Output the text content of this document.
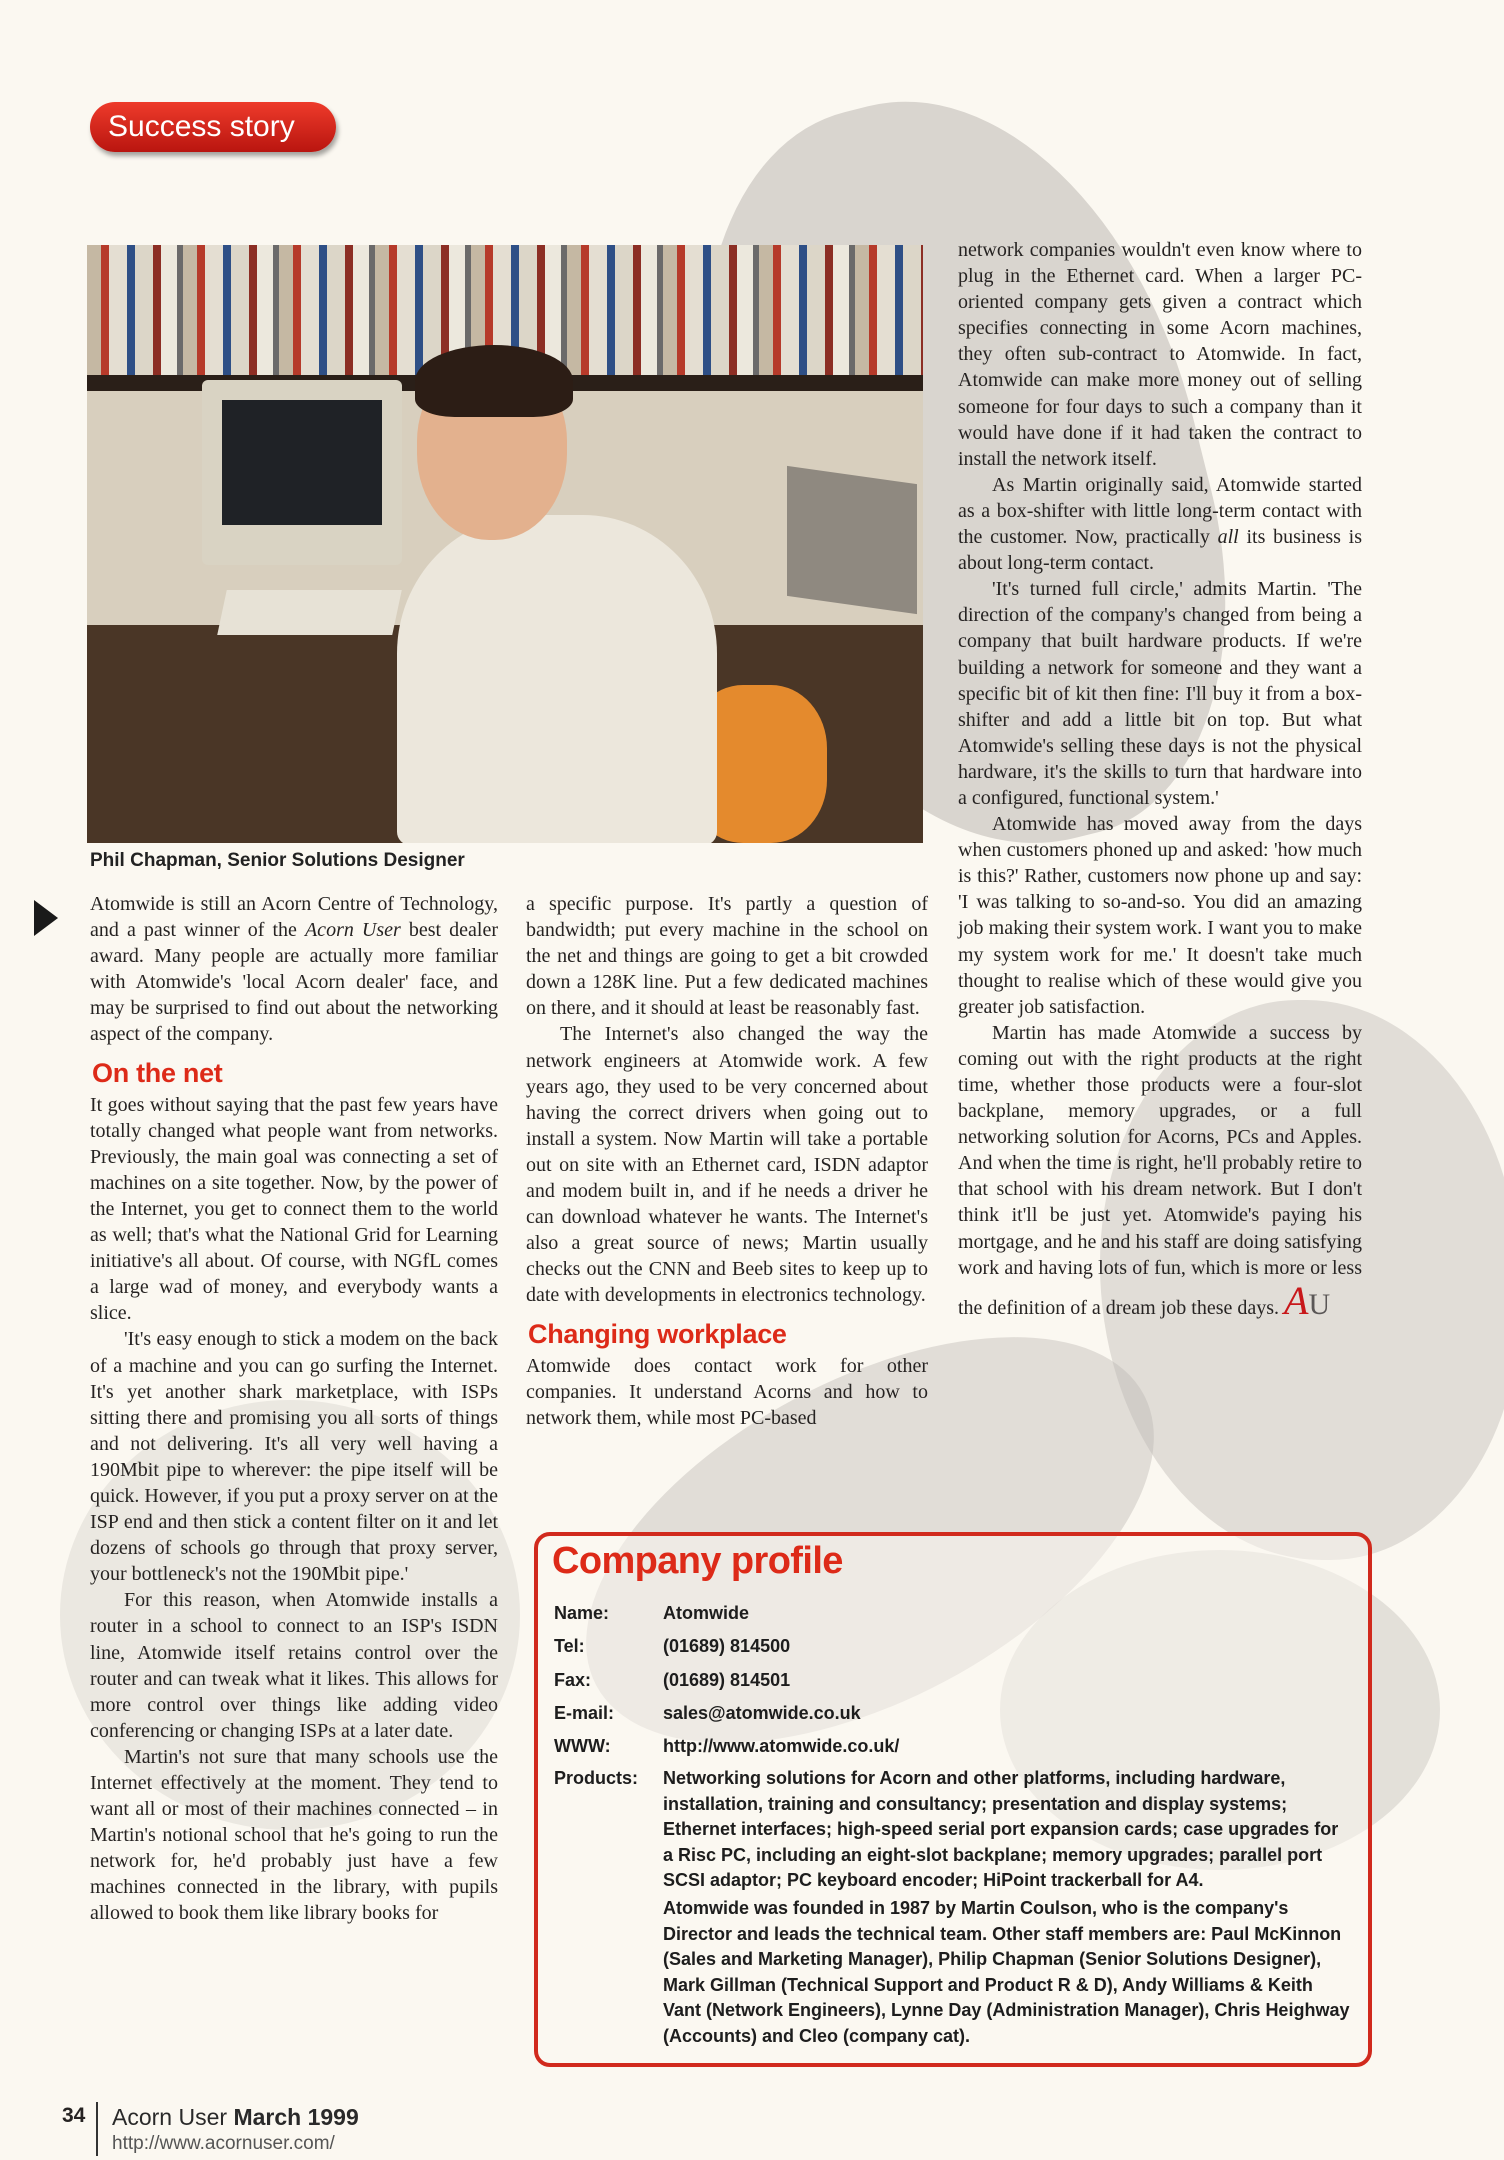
Success story
Phil Chapman, Senior Solutions Designer

Atomwide is still an Acorn Centre of Technology, and a past winner of the Acorn User best dealer award. Many people are actually more familiar with Atomwide's 'local Acorn dealer' face, and may be surprised to find out about the networking aspect of the company.

On the net

It goes without saying that the past few years have totally changed what people want from networks. Previously, the main goal was connecting a set of machines on a site together. Now, by the power of the Internet, you get to connect them to the world as well; that's what the National Grid for Learning initiative's all about. Of course, with NGfL comes a large wad of money, and everybody wants a slice.

'It's easy enough to stick a modem on the back of a machine and you can go surfing the Internet. It's yet another shark marketplace, with ISPs sitting there and promising you all sorts of things and not delivering. It's all very well having a 190Mbit pipe to wherever: the pipe itself will be quick. However, if you put a proxy server on at the ISP end and then stick a content filter on it and let dozens of schools go through that proxy server, your bottleneck's not the 190Mbit pipe.'

For this reason, when Atomwide installs a router in a school to connect to an ISP's ISDN line, Atomwide itself retains control over the router and can tweak what it likes. This allows for more control over things like adding video conferencing or changing ISPs at a later date.

Martin's not sure that many schools use the Internet effectively at the moment. They tend to want all or most of their machines connected – in Martin's notional school that he's going to run the network for, he'd probably just have a few machines connected in the library, with pupils allowed to book them like library books for

a specific purpose. It's partly a question of bandwidth; put every machine in the school on the net and things are going to get a bit crowded down a 128K line. Put a few dedicated machines on there, and it should at least be reasonably fast.

The Internet's also changed the way the network engineers at Atomwide work. A few years ago, they used to be very concerned about having the correct drivers when going out to install a system. Now Martin will take a portable out on site with an Ethernet card, ISDN adaptor and modem built in, and if he needs a driver he can download whatever he wants. The Internet's also a great source of news; Martin usually checks out the CNN and Beeb sites to keep up to date with developments in electronics technology.

Changing workplace

Atomwide does contact work for other companies. It understand Acorns and how to network them, while most PC-based

network companies wouldn't even know where to plug in the Ethernet card. When a larger PC-oriented company gets given a contract which specifies connecting in some Acorn machines, they often sub-contract to Atomwide. In fact, Atomwide can make more money out of selling someone for four days to such a company than it would have done if it had taken the contract to install the network itself.

As Martin originally said, Atomwide started as a box-shifter with little long-term contact with the customer. Now, practically all its business is about long-term contact.

'It's turned full circle,' admits Martin. 'The direction of the company's changed from being a company that built hardware products. If we're building a network for someone and they want a specific bit of kit then fine: I'll buy it from a box-shifter and add a little bit on top. But what Atomwide's selling these days is not the physical hardware, it's the skills to turn that hardware into a configured, functional system.'

Atomwide has moved away from the days when customers phoned up and asked: 'how much is this?' Rather, customers now phone up and say: 'I was talking to so-and-so. You did an amazing job making their system work. I want you to make my system work for me.' It doesn't take much thought to realise which of these would give you greater job satisfaction.

Martin has made Atomwide a success by coming out with the right products at the right time, whether those products were a four-slot backplane, memory upgrades, or a full networking solution for Acorns, PCs and Apples. And when the time is right, he'll probably retire to that school with his dream network. But I don't think it'll be just yet. Atomwide's paying his mortgage, and he and his staff are doing satisfying work and having lots of fun, which is more or less the definition of a dream job these days. AU

Company profile
Name:	Atomwide
Tel:	(01689) 814500
Fax:	(01689) 814501
E-mail:	sales@atomwide.co.uk
WWW:	http://www.atomwide.co.uk/
Products:	Networking solutions for Acorn and other platforms, including hardware, installation, training and consultancy; presentation and display systems; Ethernet interfaces; high-speed serial port expansion cards; case upgrades for a Risc PC, including an eight-slot backplane; memory upgrades; parallel port SCSI adaptor; PC keyboard encoder; HiPoint trackerball for A4.
Atomwide was founded in 1987 by Martin Coulson, who is the company's Director and leads the technical team. Other staff members are: Paul McKinnon (Sales and Marketing Manager), Philip Chapman (Senior Solutions Designer), Mark Gillman (Technical Support and Product R & D), Andy Williams & Keith Vant (Network Engineers), Lynne Day (Administration Manager), Chris Heighway (Accounts) and Cleo (company cat).
34 Acorn User March 1999
http://www.acornuser.com/
